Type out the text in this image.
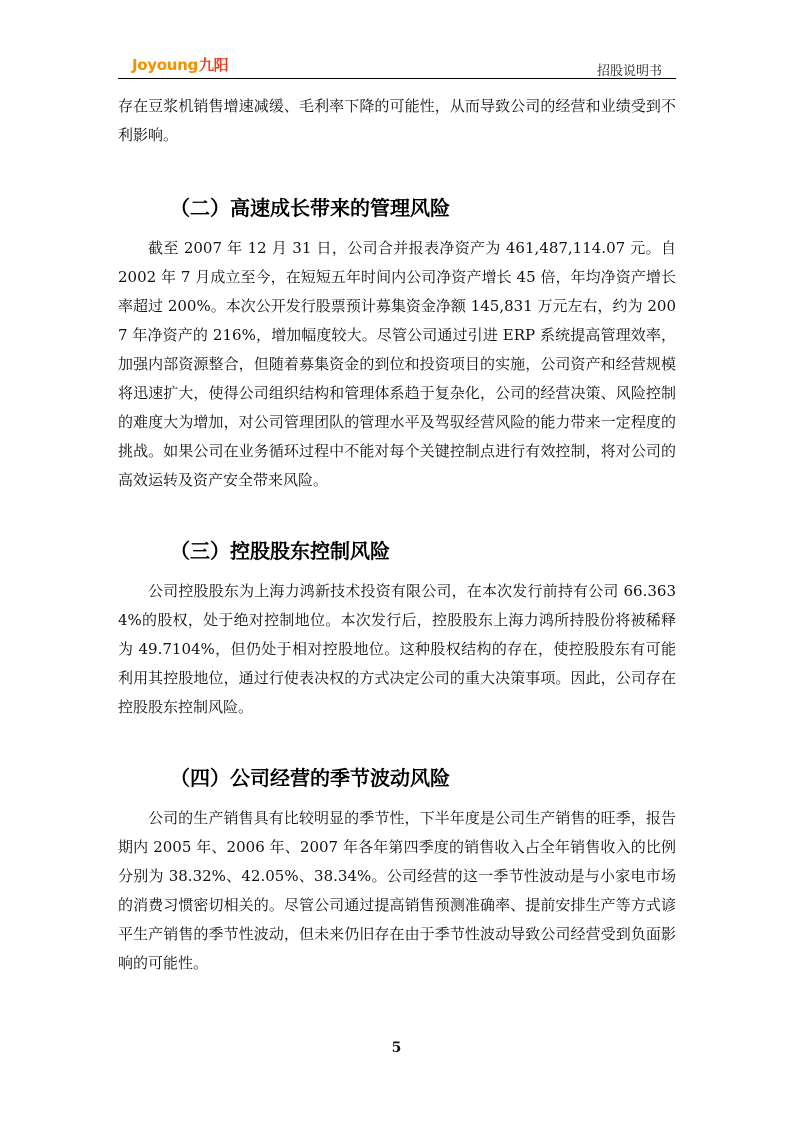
Joyoung九阳	招股说明书

存在豆浆机销售增速减缓、毛利率下降的可能性，从而导致公司的经营和业绩受到不利影响。

（二）高速成长带来的管理风险

截至 2007 年 12 月 31 日，公司合并报表净资产为 461,487,114.07 元。自 2002 年 7 月成立至今，在短短五年时间内公司净资产增长 45 倍，年均净资产增长率超过 200%。本次公开发行股票预计募集资金净额 145,831 万元左右，约为 2007 年净资产的 216%，增加幅度较大。尽管公司通过引进 ERP 系统提高管理效率，加强内部资源整合，但随着募集资金的到位和投资项目的实施，公司资产和经营规模将迅速扩大，使得公司组织结构和管理体系趋于复杂化，公司的经营决策、风险控制的难度大为增加，对公司管理团队的管理水平及驾驭经营风险的能力带来一定程度的挑战。如果公司在业务循环过程中不能对每个关键控制点进行有效控制，将对公司的高效运转及资产安全带来风险。

（三）控股股东控制风险

公司控股股东为上海力鸿新技术投资有限公司，在本次发行前持有公司 66.3634%的股权，处于绝对控制地位。本次发行后，控股股东上海力鸿所持股份将被稀释为 49.7104%，但仍处于相对控股地位。这种股权结构的存在，使控股股东有可能利用其控股地位，通过行使表决权的方式决定公司的重大决策事项。因此，公司存在控股股东控制风险。

（四）公司经营的季节波动风险

公司的生产销售具有比较明显的季节性，下半年度是公司生产销售的旺季，报告期内 2005 年、2006 年、2007 年各年第四季度的销售收入占全年销售收入的比例分别为 38.32%、42.05%、38.34%。公司经营的这一季节性波动是与小家电市场的消费习惯密切相关的。尽管公司通过提高销售预测准确率、提前安排生产等方式谚平生产销售的季节性波动，但未来仍旧存在由于季节性波动导致公司经营受到负面影响的可能性。

5
